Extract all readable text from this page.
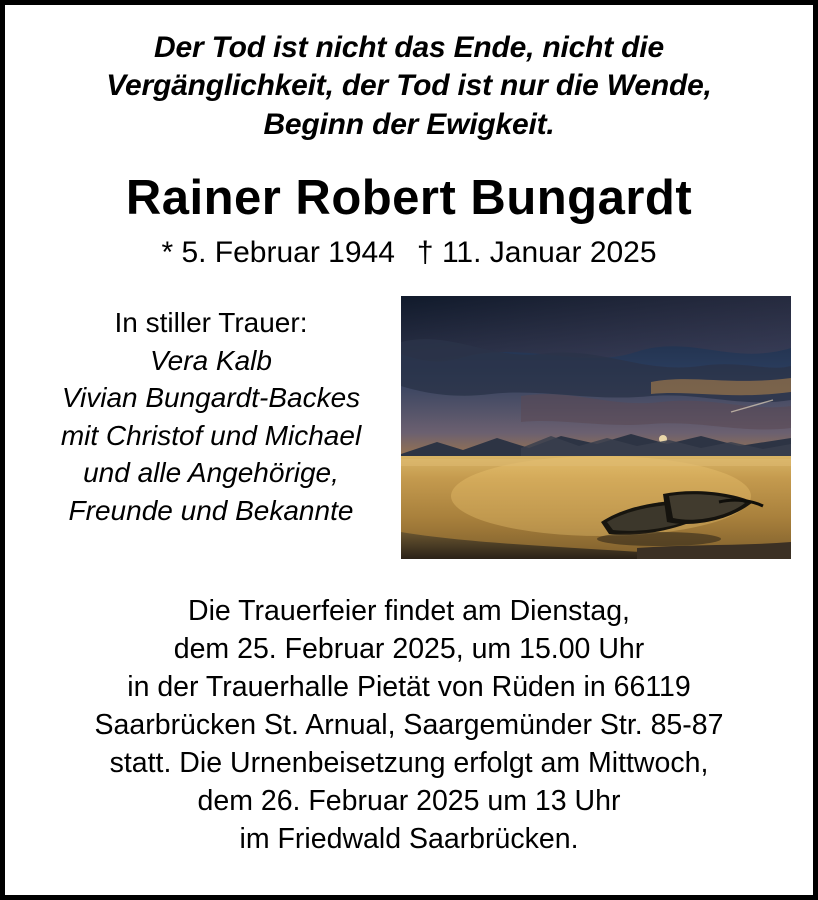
Der Tod ist nicht das Ende, nicht die
Vergänglichkeit, der Tod ist nur die Wende,
Beginn der Ewigkeit.
Rainer Robert Bungardt
* 5. Februar 1944 † 11. Januar 2025
In stiller Trauer:
Vera Kalb
Vivian Bungardt-Backes
mit Christof und Michael
und alle Angehörige,
Freunde und Bekannte
Die Trauerfeier findet am Dienstag,
dem 25. Februar 2025, um 15.00 Uhr
in der Trauerhalle Pietät von Rüden in 66119
Saarbrücken St. Arnual, Saargemünder Str. 85-87
statt. Die Urnenbeisetzung erfolgt am Mittwoch,
dem 26. Februar 2025 um 13 Uhr
im Friedwald Saarbrücken.
